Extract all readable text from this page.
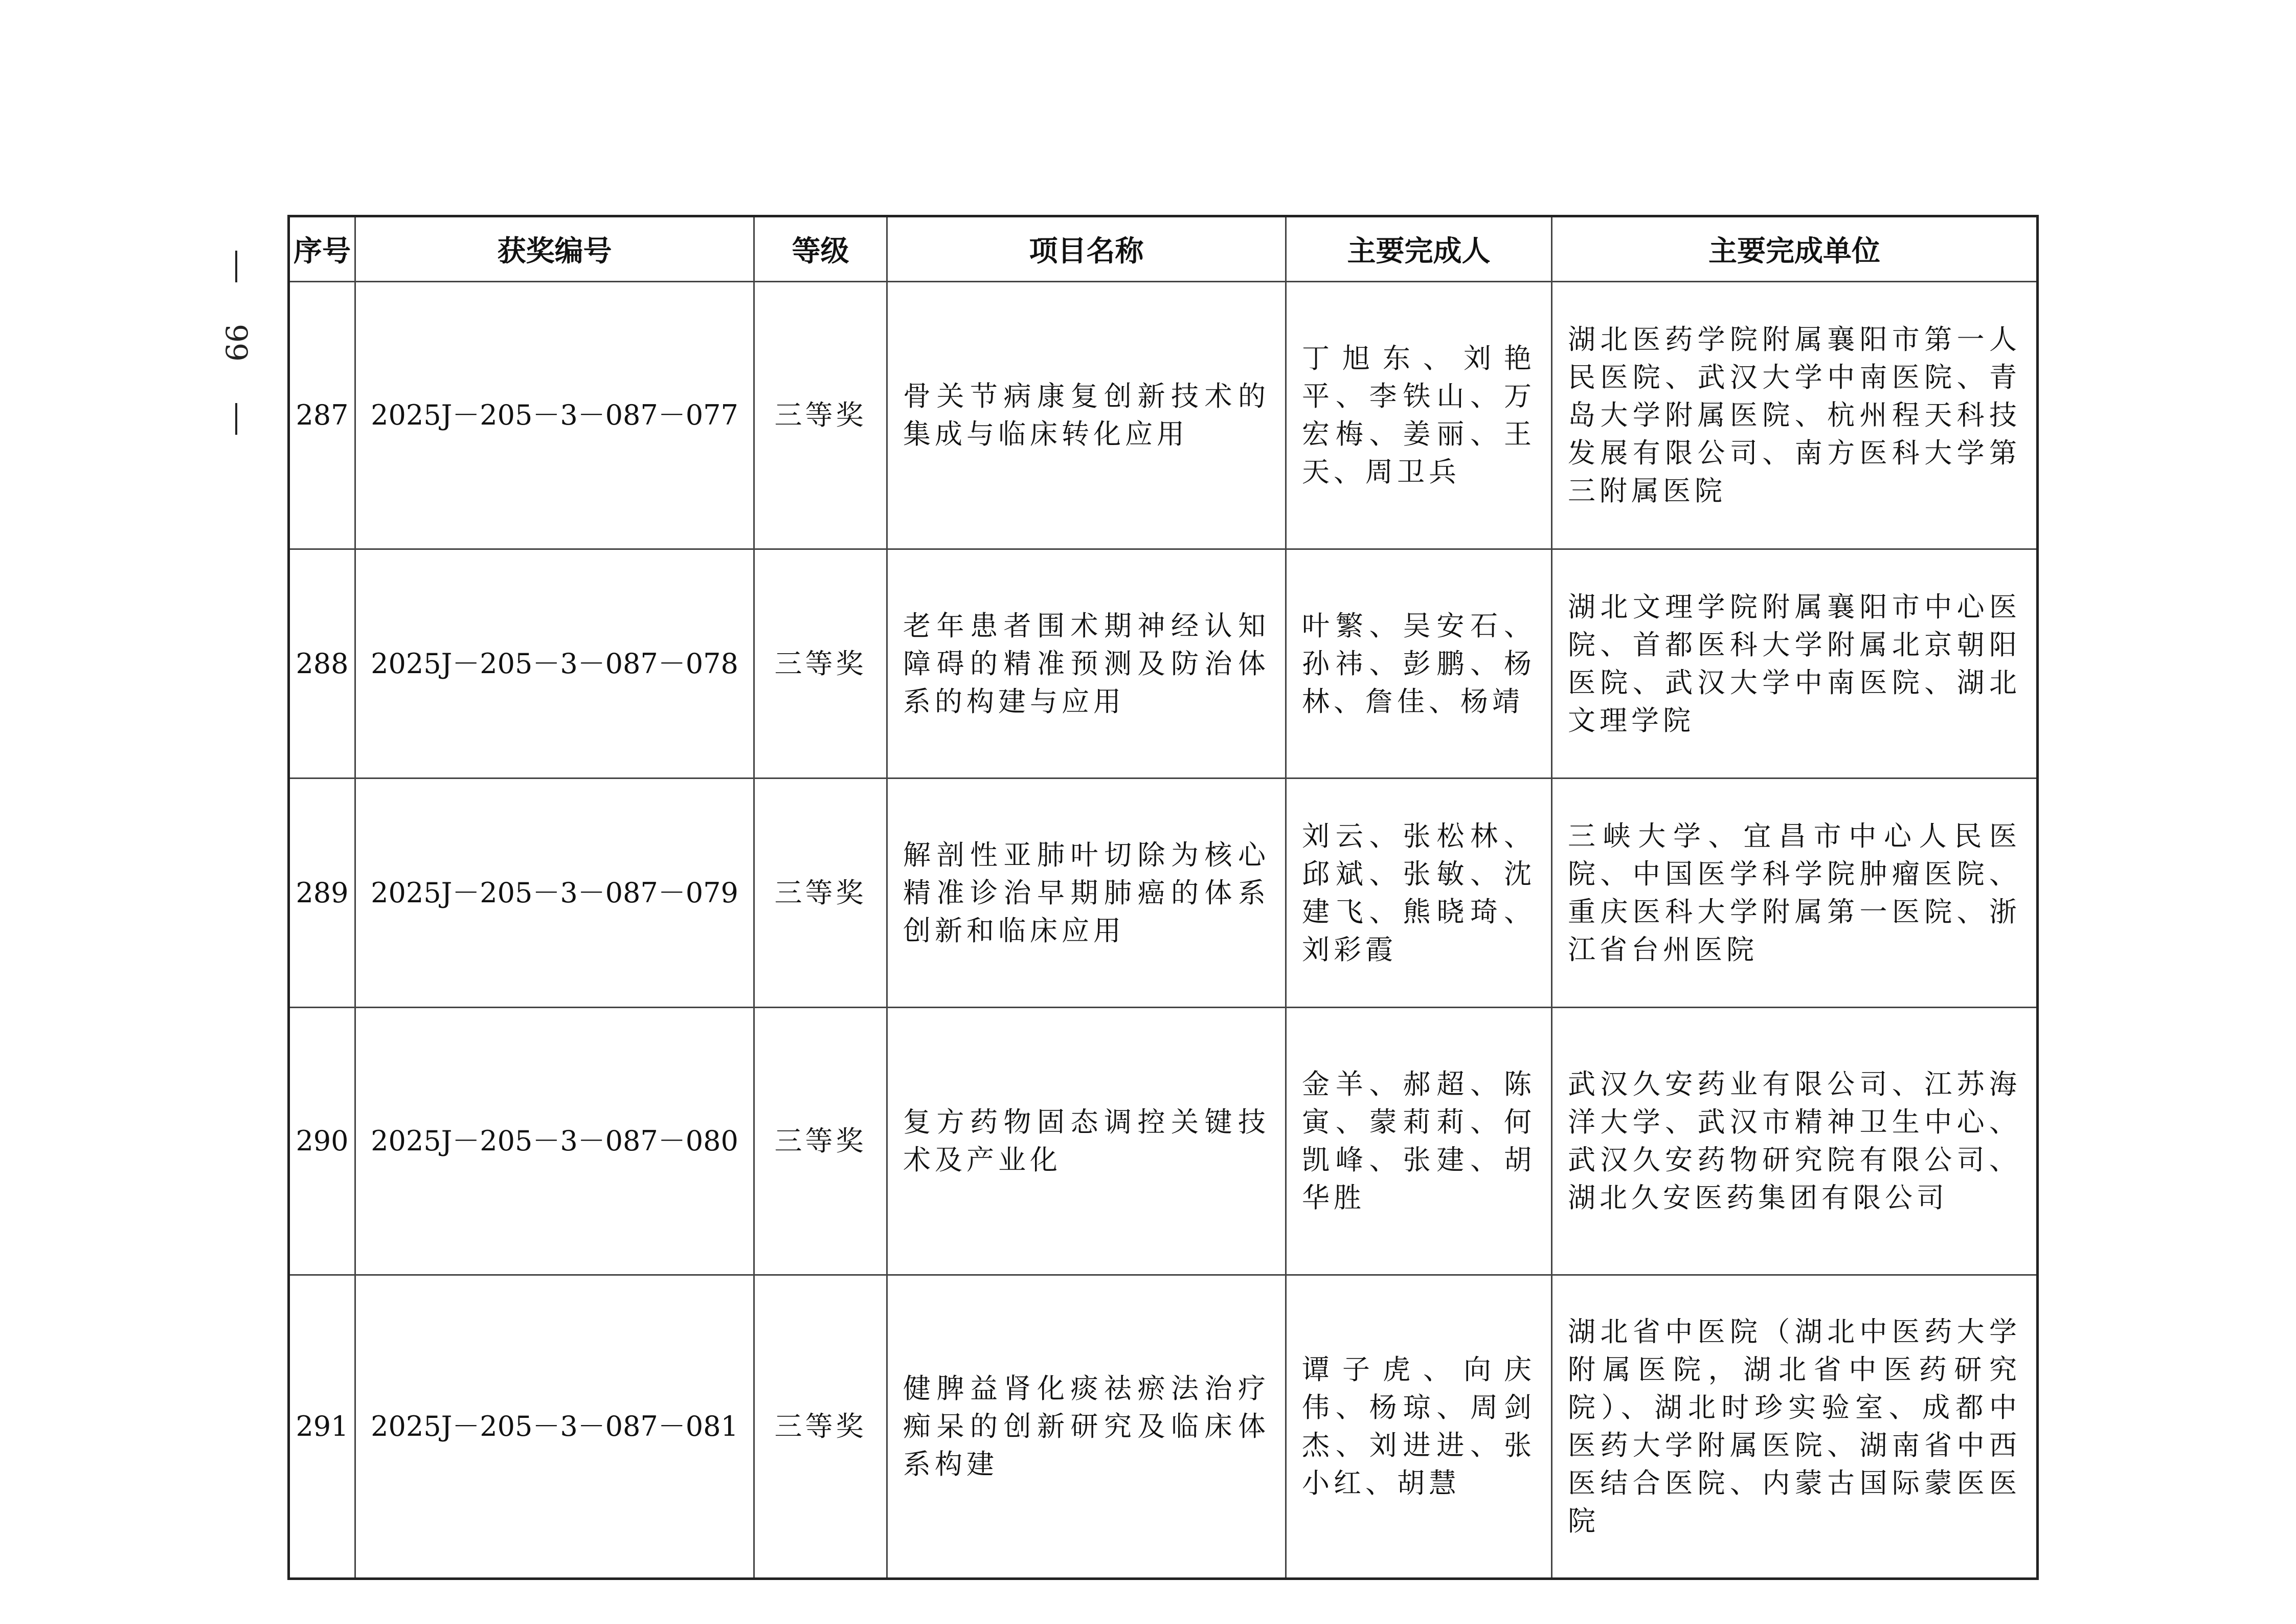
99
序号	获奖编号	等级	项目名称	主要完成人	主要完成单位
287	2025J－205－3－087－077	三等奖	骨关节病康复创新技术的集成与临床转化应用	丁旭东、刘艳平、李铁山、万宏梅、姜丽、王天、周卫兵	湖北医药学院附属襄阳市第一人民医院、武汉大学中南医院、青岛大学附属医院、杭州程天科技发展有限公司、南方医科大学第三附属医院
288	2025J－205－3－087－078	三等奖	老年患者围术期神经认知障碍的精准预测及防治体系的构建与应用	叶繁、吴安石、孙祎、彭鹏、杨林、詹佳、杨靖	湖北文理学院附属襄阳市中心医院、首都医科大学附属北京朝阳医院、武汉大学中南医院、湖北文理学院
289	2025J－205－3－087－079	三等奖	解剖性亚肺叶切除为核心精准诊治早期肺癌的体系创新和临床应用	刘云、张松林、邱斌、张敏、沈建飞、熊晓琦、刘彩霞	三峡大学、宜昌市中心人民医院、中国医学科学院肿瘤医院、重庆医科大学附属第一医院、浙江省台州医院
290	2025J－205－3－087－080	三等奖	复方药物固态调控关键技术及产业化	金羊、郝超、陈寅、蒙莉莉、何凯峰、张建、胡华胜	武汉久安药业有限公司、江苏海洋大学、武汉市精神卫生中心、武汉久安药物研究院有限公司、湖北久安医药集团有限公司
291	2025J－205－3－087－081	三等奖	健脾益肾化痰祛瘀法治疗痴呆的创新研究及临床体系构建	谭子虎、向庆伟、杨琼、周剑杰、刘进进、张小红、胡慧	湖北省中医院（湖北中医药大学附属医院，湖北省中医药研究院）、湖北时珍实验室、成都中医药大学附属医院、湖南省中西医结合医院、内蒙古国际蒙医医院
